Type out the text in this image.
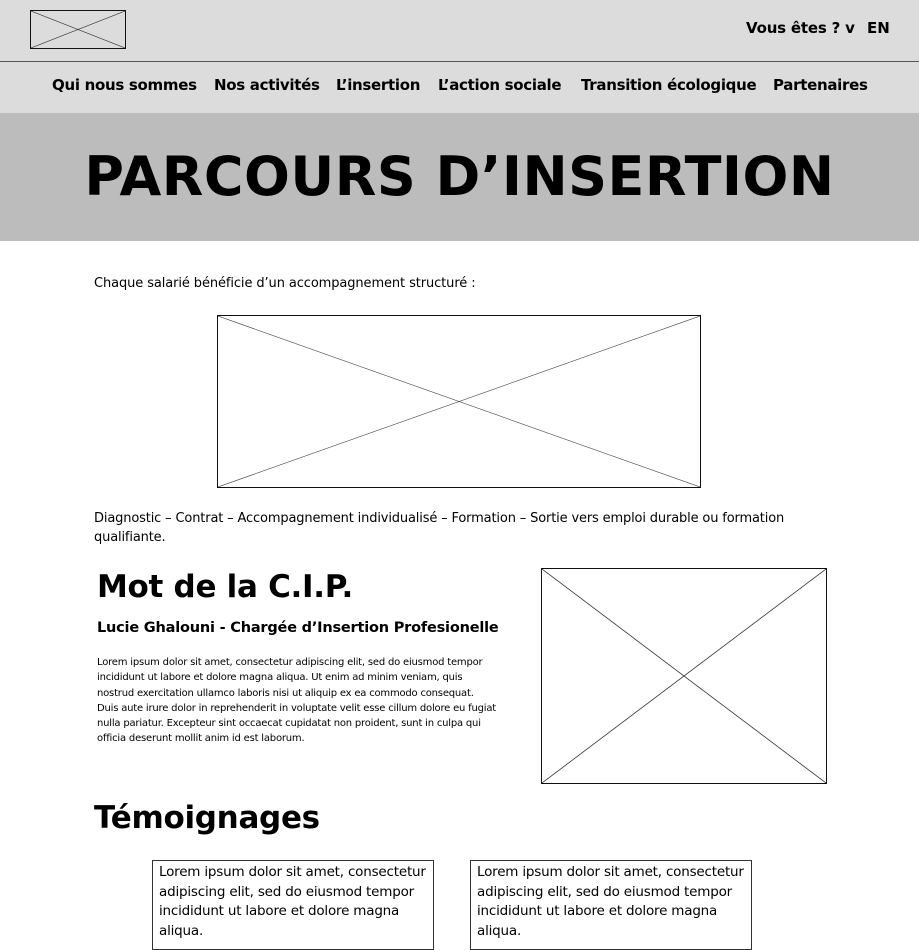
Vous êtes ? v EN
Qui nous sommes Nos activités L’insertion L’action sociale Transition écologique Partenaires
PARCOURS D’INSERTION
Chaque salarié bénéficie d’un accompagnement structuré :
Diagnostic – Contrat – Accompagnement individualisé – Formation – Sortie vers emploi durable ou formation qualifiante.
Mot de la C.I.P.
Lucie Ghalouni - Chargée d’Insertion Profesionelle

Lorem ipsum dolor sit amet, consectetur adipiscing elit, sed do eiusmod tempor incididunt ut labore et dolore magna aliqua. Ut enim ad minim veniam, quis nostrud exercitation ullamco laboris nisi ut aliquip ex ea commodo consequat. Duis aute irure dolor in reprehenderit in voluptate velit esse cillum dolore eu fugiat nulla pariatur. Excepteur sint occaecat cupidatat non proident, sunt in culpa qui officia deserunt mollit anim id est laborum.

Témoignages
Lorem ipsum dolor sit amet, consectetur adipiscing elit, sed do eiusmod tempor incididunt ut labore et dolore magna aliqua.
Lorem ipsum dolor sit amet, consectetur adipiscing elit, sed do eiusmod tempor incididunt ut labore et dolore magna aliqua.
